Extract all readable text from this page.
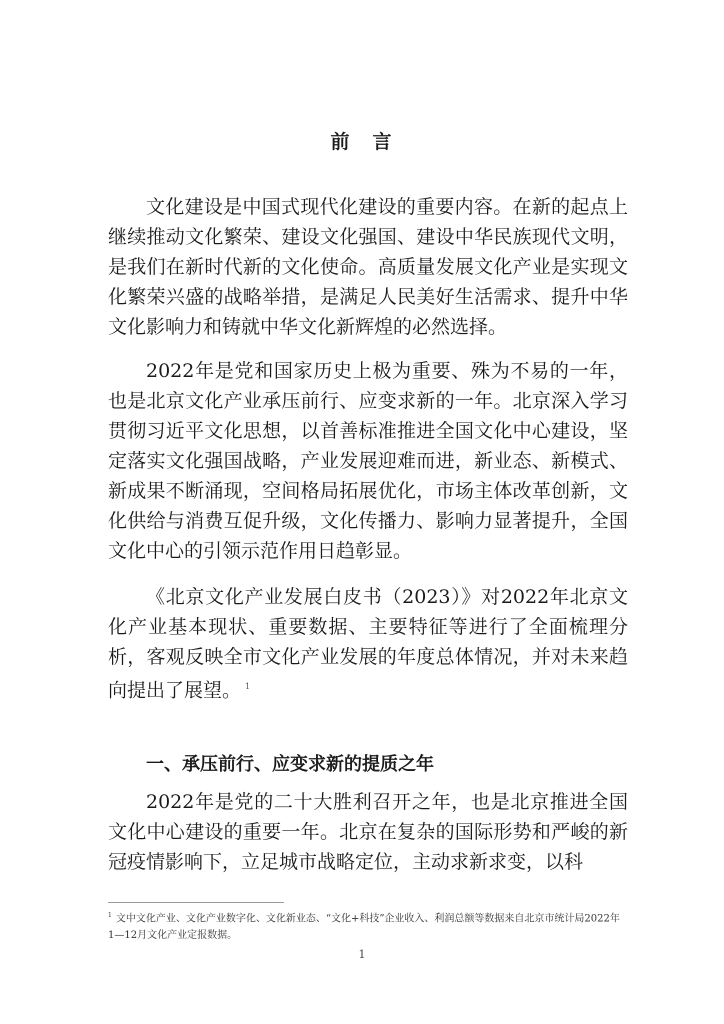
前　言

文化建设是中国式现代化建设的重要内容。在新的起点上继续推动文化繁荣、建设文化强国、建设中华民族现代文明，是我们在新时代新的文化使命。高质量发展文化产业是实现文化繁荣兴盛的战略举措，是满足人民美好生活需求、提升中华文化影响力和铸就中华文化新辉煌的必然选择。

2022年是党和国家历史上极为重要、殊为不易的一年，也是北京文化产业承压前行、应变求新的一年。北京深入学习贯彻习近平文化思想，以首善标准推进全国文化中心建设，坚定落实文化强国战略，产业发展迎难而进，新业态、新模式、新成果不断涌现，空间格局拓展优化，市场主体改革创新，文化供给与消费互促升级，文化传播力、影响力显著提升，全国文化中心的引领示范作用日趋彰显。

《北京文化产业发展白皮书（2023）》对2022年北京文化产业基本现状、重要数据、主要特征等进行了全面梳理分析，客观反映全市文化产业发展的年度总体情况，并对未来趋向提出了展望。 $^1$

一、承压前行、应变求新的提质之年

2022年是党的二十大胜利召开之年，也是北京推进全国文化中心建设的重要一年。北京在复杂的国际形势和严峻的新冠疫情影响下，立足城市战略定位，主动求新求变，以科

$^1$ 文中文化产业、文化产业数字化、文化新业态、“文化+科技”企业收入、利润总额等数据来自北京市统计局2022年1—12月文化产业定报数据。

1
